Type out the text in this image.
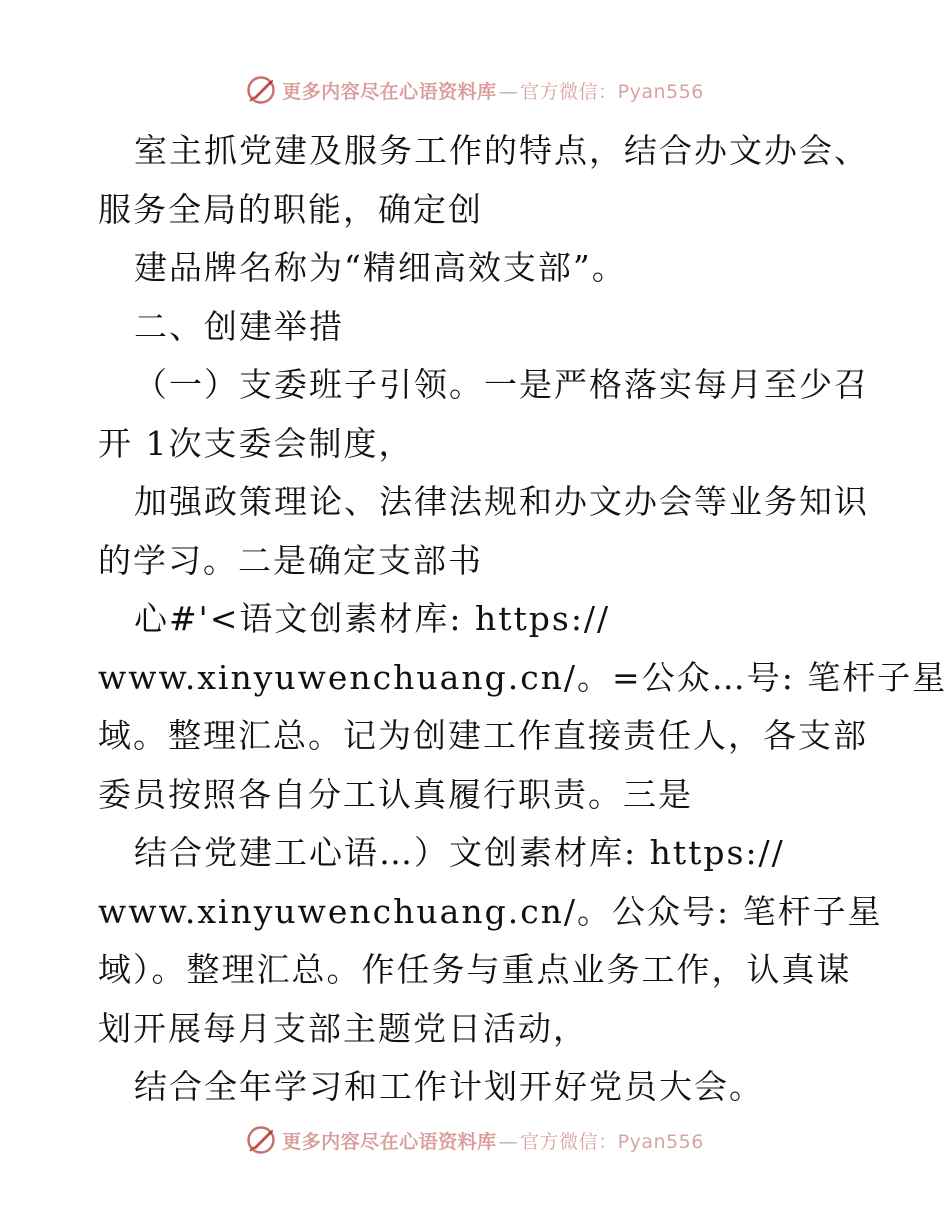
更多内容尽在心语资料库 — 官方微信：Pyan556

室主抓党建及服务工作的特点，结合办文办会、

服务全局的职能，确定创

建品牌名称为“精细高效支部”。

二、创建举措

（一）支委班子引领。一是严格落实每月至少召

开 1次支委会制度，

加强政策理论、法律法规和办文办会等业务知识

的学习。二是确定支部书

心#'<语文创素材库: https://

www.xinyuwenchuang.cn/。=公众…号: 笔杆子星

域。整理汇总。记为创建工作直接责任人，各支部

委员按照各自分工认真履行职责。三是

结合党建工心语…）文创素材库: https://

www.xinyuwenchuang.cn/。公众号: 笔杆子星

域）。整理汇总。作任务与重点业务工作，认真谋

划开展每月支部主题党日活动，

结合全年学习和工作计划开好党员大会。

更多内容尽在心语资料库 — 官方微信：Pyan556
